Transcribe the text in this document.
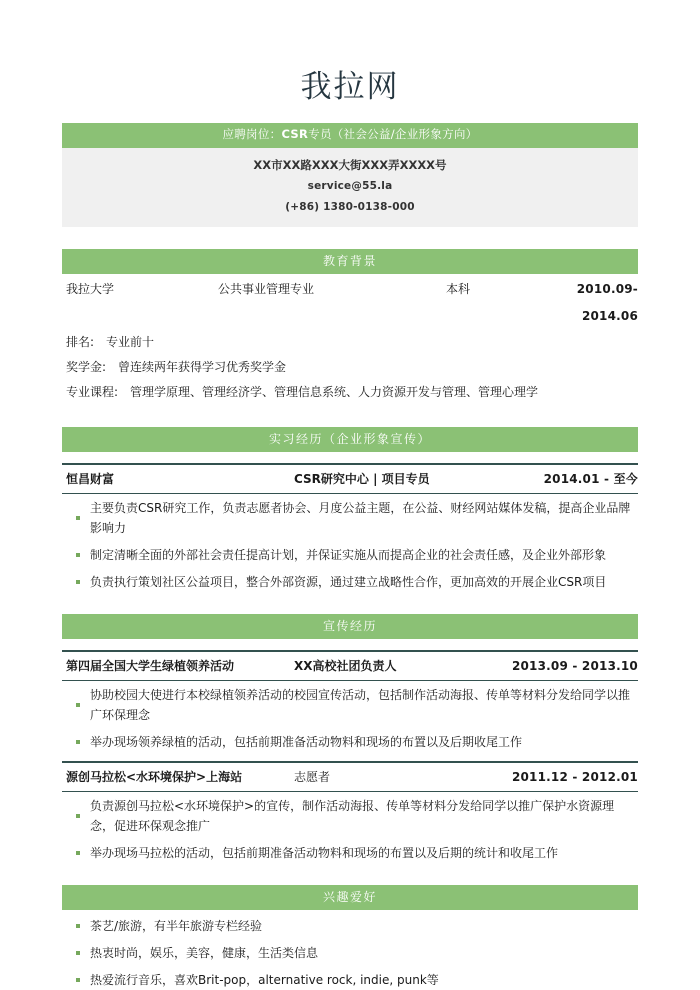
我拉网
应聘岗位：CSR专员（社会公益/企业形象方向）
XX市XX路XXX大街XXX弄XXXX号
service@55.la
(+86) 1380-0138-000
教育背景
我拉大学	公共事业管理专业	本科	2010.09-2014.06
排名: 专业前十
奖学金: 曾连续两年获得学习优秀奖学金
专业课程: 管理学原理、管理经济学、管理信息系统、人力资源开发与管理、管理心理学
实习经历（企业形象宣传）
恒昌财富	CSR研究中心 | 项目专员	2014.01 - 至今
主要负责CSR研究工作，负责志愿者协会、月度公益主题，在公益、财经网站媒体发稿，提高企业品牌影响力
制定清晰全面的外部社会责任提高计划，并保证实施从而提高企业的社会责任感，及企业外部形象
负责执行策划社区公益项目，整合外部资源，通过建立战略性合作，更加高效的开展企业CSR项目
宣传经历
第四届全国大学生绿植领养活动	XX高校社团负责人	2013.09 - 2013.10
协助校园大使进行本校绿植领养活动的校园宣传活动，包括制作活动海报、传单等材料分发给同学以推广环保理念
举办现场领养绿植的活动，包括前期准备活动物料和现场的布置以及后期收尾工作
源创马拉松<水环境保护>上海站	志愿者	2011.12 - 2012.01
负责源创马拉松<水环境保护>的宣传，制作活动海报、传单等材料分发给同学以推广保护水资源理念，促进环保观念推广
举办现场马拉松的活动，包括前期准备活动物料和现场的布置以及后期的统计和收尾工作
兴趣爱好
茶艺/旅游，有半年旅游专栏经验
热衷时尚，娱乐，美容，健康，生活类信息
热爱流行音乐，喜欢Brit-pop，alternative rock, indie, punk等
